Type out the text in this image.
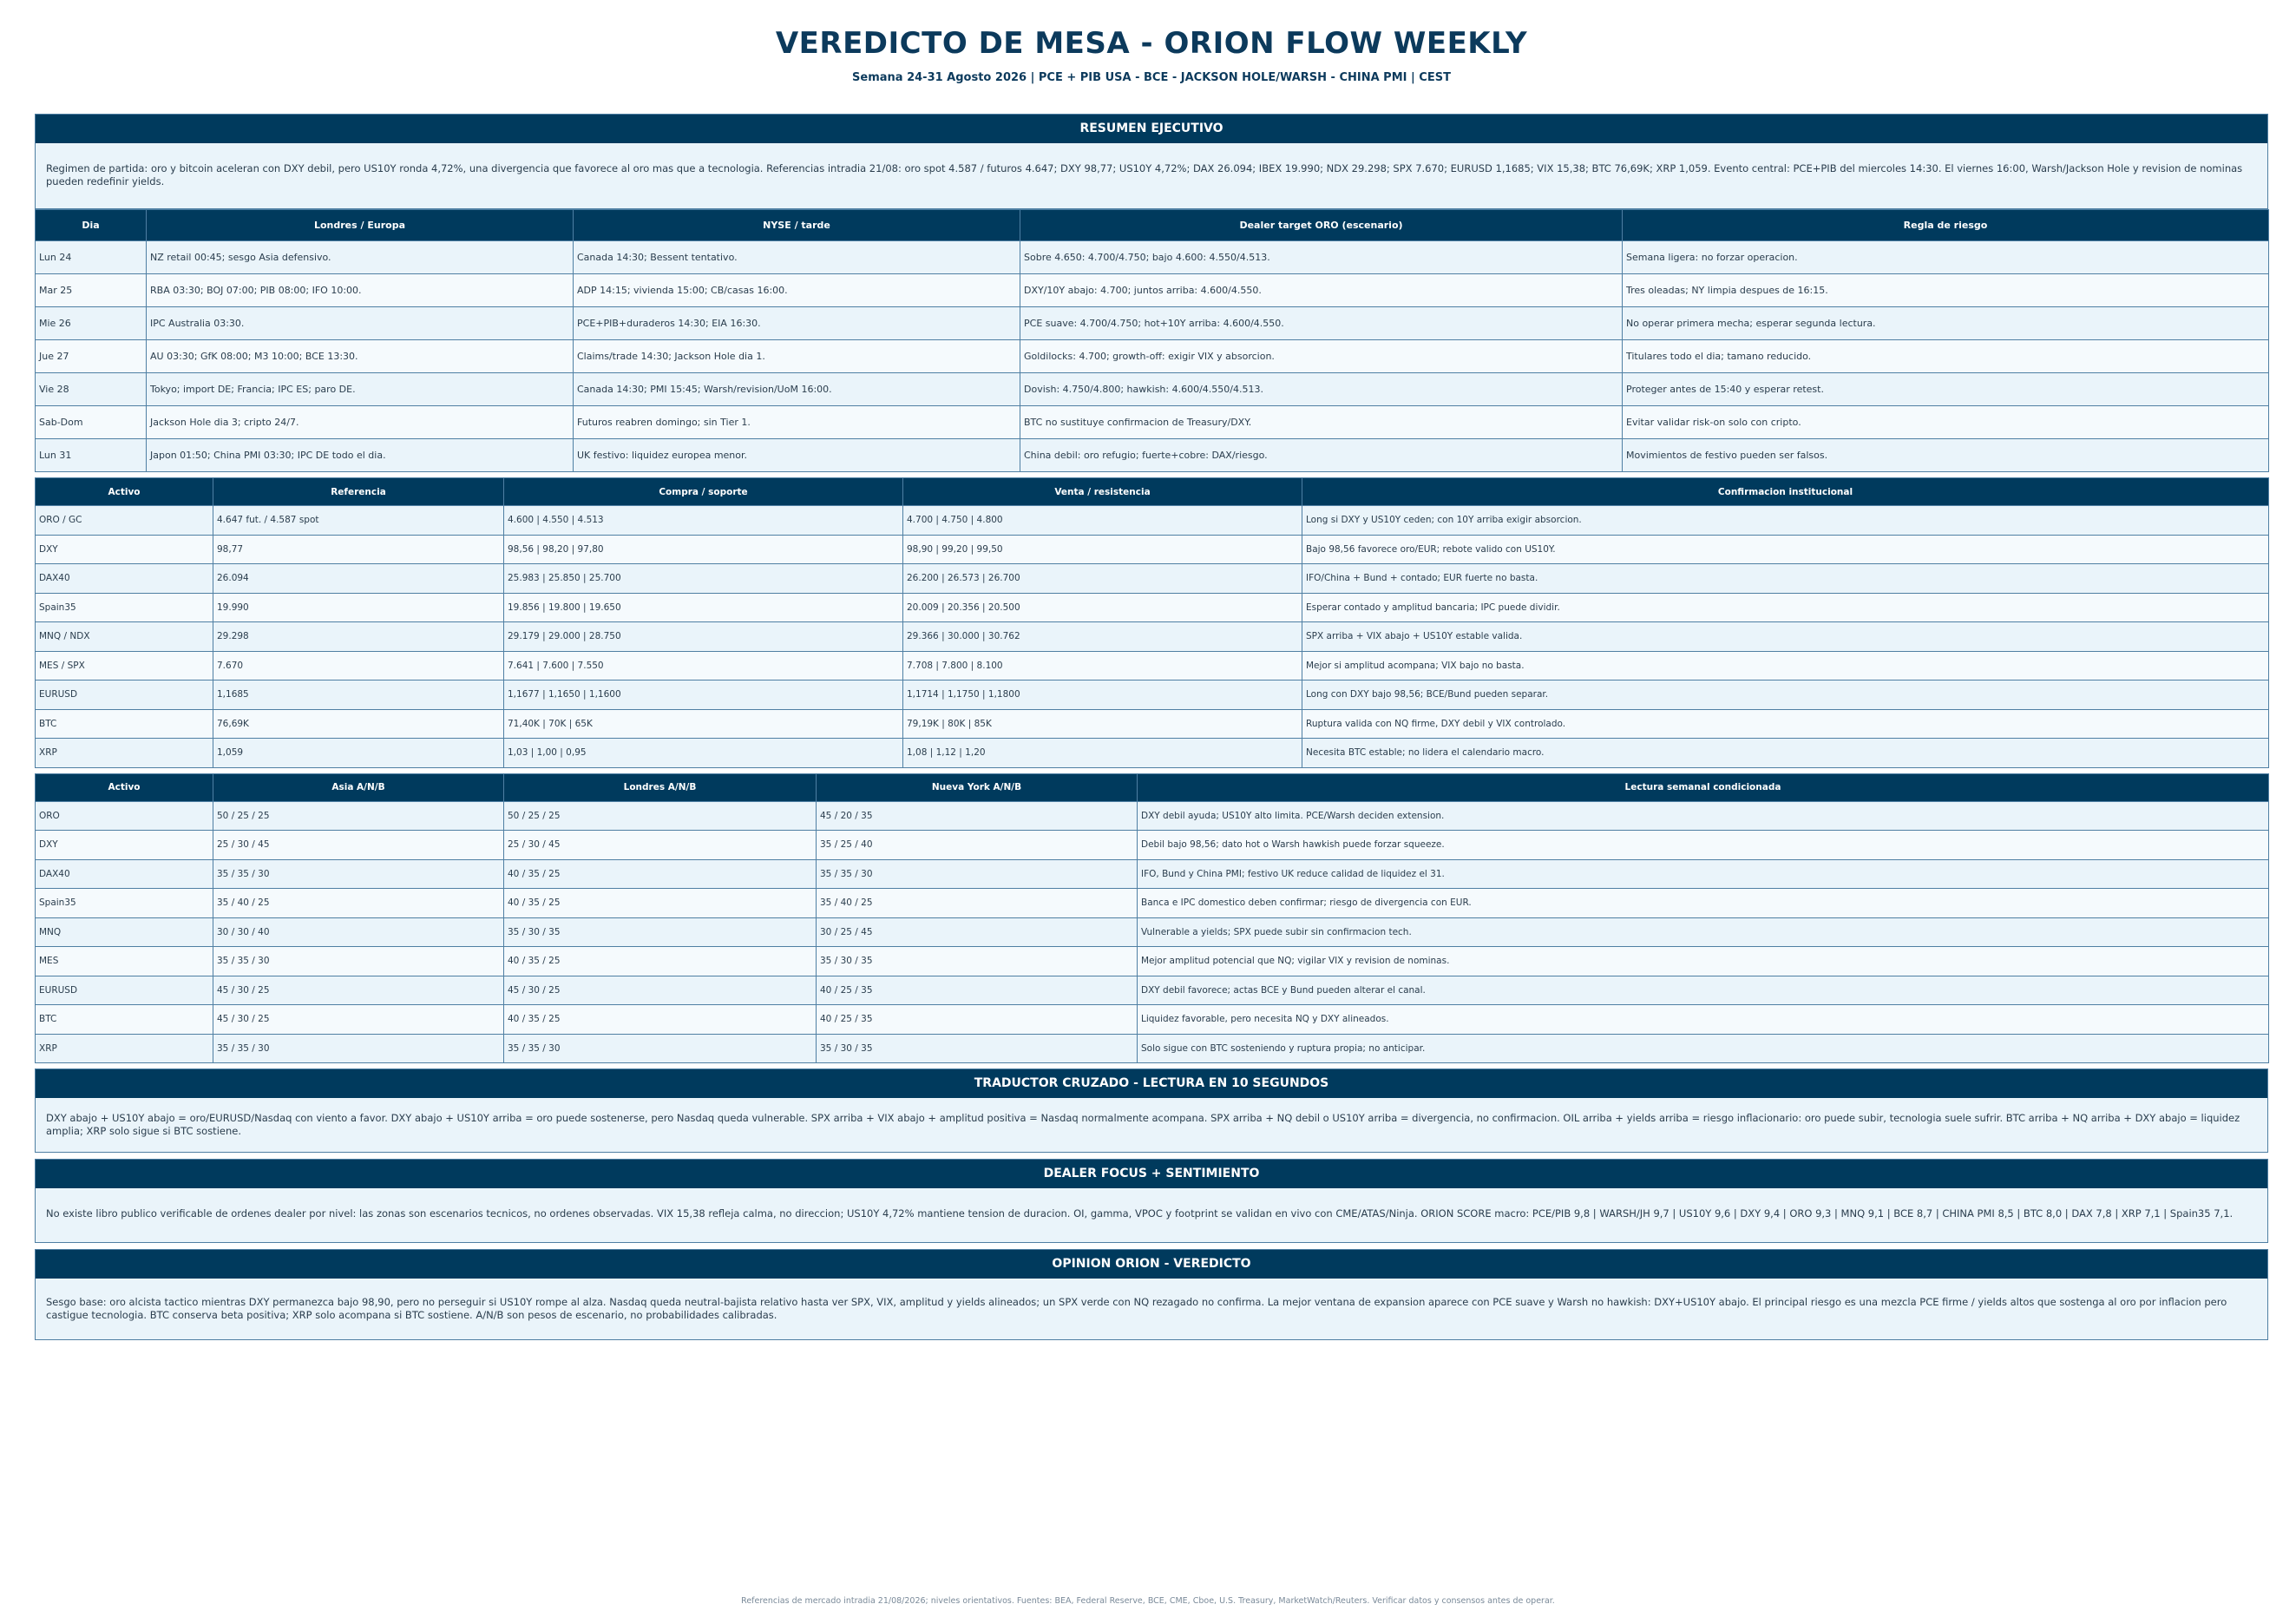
VEREDICTO DE MESA - ORION FLOW WEEKLY
Semana 24-31 Agosto 2026 | PCE + PIB USA - BCE - JACKSON HOLE/WARSH - CHINA PMI | CEST
RESUMEN EJECUTIVO
Regimen de partida: oro y bitcoin aceleran con DXY debil, pero US10Y ronda 4,72%, una divergencia que favorece al oro mas que a tecnologia. Referencias intradia 21/08: oro spot 4.587 / futuros 4.647; DXY 98,77; US10Y 4,72%; DAX 26.094; IBEX 19.990; NDX 29.298; SPX 7.670; EURUSD 1,1685; VIX 15,38; BTC 76,69K; XRP 1,059. Evento central: PCE+PIB del miercoles 14:30. El viernes 16:00, Warsh/Jackson Hole y revision de nominas pueden redefinir yields.
Dia	Londres / Europa	NYSE / tarde	Dealer target ORO (escenario)	Regla de riesgo
Lun 24	NZ retail 00:45; sesgo Asia defensivo.	Canada 14:30; Bessent tentativo.	Sobre 4.650: 4.700/4.750; bajo 4.600: 4.550/4.513.	Semana ligera: no forzar operacion.
Mar 25	RBA 03:30; BOJ 07:00; PIB 08:00; IFO 10:00.	ADP 14:15; vivienda 15:00; CB/casas 16:00.	DXY/10Y abajo: 4.700; juntos arriba: 4.600/4.550.	Tres oleadas; NY limpia despues de 16:15.
Mie 26	IPC Australia 03:30.	PCE+PIB+duraderos 14:30; EIA 16:30.	PCE suave: 4.700/4.750; hot+10Y arriba: 4.600/4.550.	No operar primera mecha; esperar segunda lectura.
Jue 27	AU 03:30; GfK 08:00; M3 10:00; BCE 13:30.	Claims/trade 14:30; Jackson Hole dia 1.	Goldilocks: 4.700; growth-off: exigir VIX y absorcion.	Titulares todo el dia; tamano reducido.
Vie 28	Tokyo; import DE; Francia; IPC ES; paro DE.	Canada 14:30; PMI 15:45; Warsh/revision/UoM 16:00.	Dovish: 4.750/4.800; hawkish: 4.600/4.550/4.513.	Proteger antes de 15:40 y esperar retest.
Sab-Dom	Jackson Hole dia 3; cripto 24/7.	Futuros reabren domingo; sin Tier 1.	BTC no sustituye confirmacion de Treasury/DXY.	Evitar validar risk-on solo con cripto.
Lun 31	Japon 01:50; China PMI 03:30; IPC DE todo el dia.	UK festivo: liquidez europea menor.	China debil: oro refugio; fuerte+cobre: DAX/riesgo.	Movimientos de festivo pueden ser falsos.
Activo	Referencia	Compra / soporte	Venta / resistencia	Confirmacion institucional
ORO / GC	4.647 fut. / 4.587 spot	4.600 | 4.550 | 4.513	4.700 | 4.750 | 4.800	Long si DXY y US10Y ceden; con 10Y arriba exigir absorcion.
DXY	98,77	98,56 | 98,20 | 97,80	98,90 | 99,20 | 99,50	Bajo 98,56 favorece oro/EUR; rebote valido con US10Y.
DAX40	26.094	25.983 | 25.850 | 25.700	26.200 | 26.573 | 26.700	IFO/China + Bund + contado; EUR fuerte no basta.
Spain35	19.990	19.856 | 19.800 | 19.650	20.009 | 20.356 | 20.500	Esperar contado y amplitud bancaria; IPC puede dividir.
MNQ / NDX	29.298	29.179 | 29.000 | 28.750	29.366 | 30.000 | 30.762	SPX arriba + VIX abajo + US10Y estable valida.
MES / SPX	7.670	7.641 | 7.600 | 7.550	7.708 | 7.800 | 8.100	Mejor si amplitud acompana; VIX bajo no basta.
EURUSD	1,1685	1,1677 | 1,1650 | 1,1600	1,1714 | 1,1750 | 1,1800	Long con DXY bajo 98,56; BCE/Bund pueden separar.
BTC	76,69K	71,40K | 70K | 65K	79,19K | 80K | 85K	Ruptura valida con NQ firme, DXY debil y VIX controlado.
XRP	1,059	1,03 | 1,00 | 0,95	1,08 | 1,12 | 1,20	Necesita BTC estable; no lidera el calendario macro.
Activo	Asia A/N/B	Londres A/N/B	Nueva York A/N/B	Lectura semanal condicionada
ORO	50 / 25 / 25	50 / 25 / 25	45 / 20 / 35	DXY debil ayuda; US10Y alto limita. PCE/Warsh deciden extension.
DXY	25 / 30 / 45	25 / 30 / 45	35 / 25 / 40	Debil bajo 98,56; dato hot o Warsh hawkish puede forzar squeeze.
DAX40	35 / 35 / 30	40 / 35 / 25	35 / 35 / 30	IFO, Bund y China PMI; festivo UK reduce calidad de liquidez el 31.
Spain35	35 / 40 / 25	40 / 35 / 25	35 / 40 / 25	Banca e IPC domestico deben confirmar; riesgo de divergencia con EUR.
MNQ	30 / 30 / 40	35 / 30 / 35	30 / 25 / 45	Vulnerable a yields; SPX puede subir sin confirmacion tech.
MES	35 / 35 / 30	40 / 35 / 25	35 / 30 / 35	Mejor amplitud potencial que NQ; vigilar VIX y revision de nominas.
EURUSD	45 / 30 / 25	45 / 30 / 25	40 / 25 / 35	DXY debil favorece; actas BCE y Bund pueden alterar el canal.
BTC	45 / 30 / 25	40 / 35 / 25	40 / 25 / 35	Liquidez favorable, pero necesita NQ y DXY alineados.
XRP	35 / 35 / 30	35 / 35 / 30	35 / 30 / 35	Solo sigue con BTC sosteniendo y ruptura propia; no anticipar.
TRADUCTOR CRUZADO - LECTURA EN 10 SEGUNDOS
DXY abajo + US10Y abajo = oro/EURUSD/Nasdaq con viento a favor. DXY abajo + US10Y arriba = oro puede sostenerse, pero Nasdaq queda vulnerable. SPX arriba + VIX abajo + amplitud positiva = Nasdaq normalmente acompana. SPX arriba + NQ debil o US10Y arriba = divergencia, no confirmacion. OIL arriba + yields arriba = riesgo inflacionario: oro puede subir, tecnologia suele sufrir. BTC arriba + NQ arriba + DXY abajo = liquidez amplia; XRP solo sigue si BTC sostiene.
DEALER FOCUS + SENTIMIENTO
No existe libro publico verificable de ordenes dealer por nivel: las zonas son escenarios tecnicos, no ordenes observadas. VIX 15,38 refleja calma, no direccion; US10Y 4,72% mantiene tension de duracion. OI, gamma, VPOC y footprint se validan en vivo con CME/ATAS/Ninja. ORION SCORE macro: PCE/PIB 9,8 | WARSH/JH 9,7 | US10Y 9,6 | DXY 9,4 | ORO 9,3 | MNQ 9,1 | BCE 8,7 | CHINA PMI 8,5 | BTC 8,0 | DAX 7,8 | XRP 7,1 | Spain35 7,1.
OPINION ORION - VEREDICTO
Sesgo base: oro alcista tactico mientras DXY permanezca bajo 98,90, pero no perseguir si US10Y rompe al alza. Nasdaq queda neutral-bajista relativo hasta ver SPX, VIX, amplitud y yields alineados; un SPX verde con NQ rezagado no confirma. La mejor ventana de expansion aparece con PCE suave y Warsh no hawkish: DXY+US10Y abajo. El principal riesgo es una mezcla PCE firme / yields altos que sostenga al oro por inflacion pero castigue tecnologia. BTC conserva beta positiva; XRP solo acompana si BTC sostiene. A/N/B son pesos de escenario, no probabilidades calibradas.
Referencias de mercado intradia 21/08/2026; niveles orientativos. Fuentes: BEA, Federal Reserve, BCE, CME, Cboe, U.S. Treasury, MarketWatch/Reuters. Verificar datos y consensos antes de operar.
